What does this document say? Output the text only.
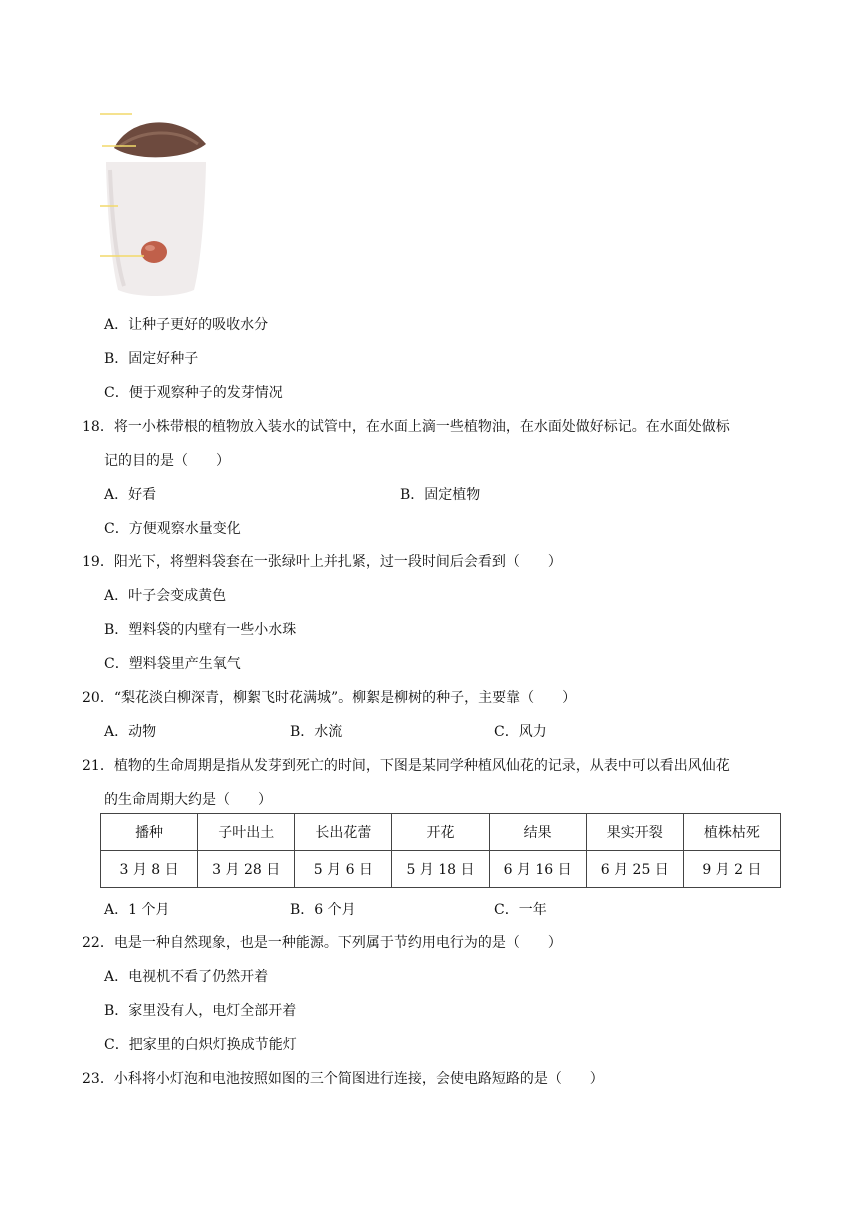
A．让种子更好的吸收水分
B．固定好种子
C．便于观察种子的发芽情况
18．将一小株带根的植物放入装水的试管中，在水面上滴一些植物油，在水面处做好标记。在水面处做标
记的目的是（　　）
A．好看	B．固定植物
C．方便观察水量变化
19．阳光下，将塑料袋套在一张绿叶上并扎紧，过一段时间后会看到（　　）
A．叶子会变成黄色
B．塑料袋的内壁有一些小水珠
C．塑料袋里产生氧气
20．“梨花淡白柳深青，柳絮飞时花满城”。柳絮是柳树的种子，主要靠（　　）
A．动物	B．水流	C．风力
21．植物的生命周期是指从发芽到死亡的时间，下图是某同学种植风仙花的记录，从表中可以看出风仙花
的生命周期大约是（　　）
播种	子叶出土	长出花蕾	开花	结果	果实开裂	植株枯死
3 月 8 日	3 月 28 日	5 月 6 日	5 月 18 日	6 月 16 日	6 月 25 日	9 月 2 日
A．1 个月	B．6 个月	C．一年
22．电是一种自然现象，也是一种能源。下列属于节约用电行为的是（　　）
A．电视机不看了仍然开着
B．家里没有人，电灯全部开着
C．把家里的白炽灯换成节能灯
23．小科将小灯泡和电池按照如图的三个简图进行连接，会使电路短路的是（　　）
